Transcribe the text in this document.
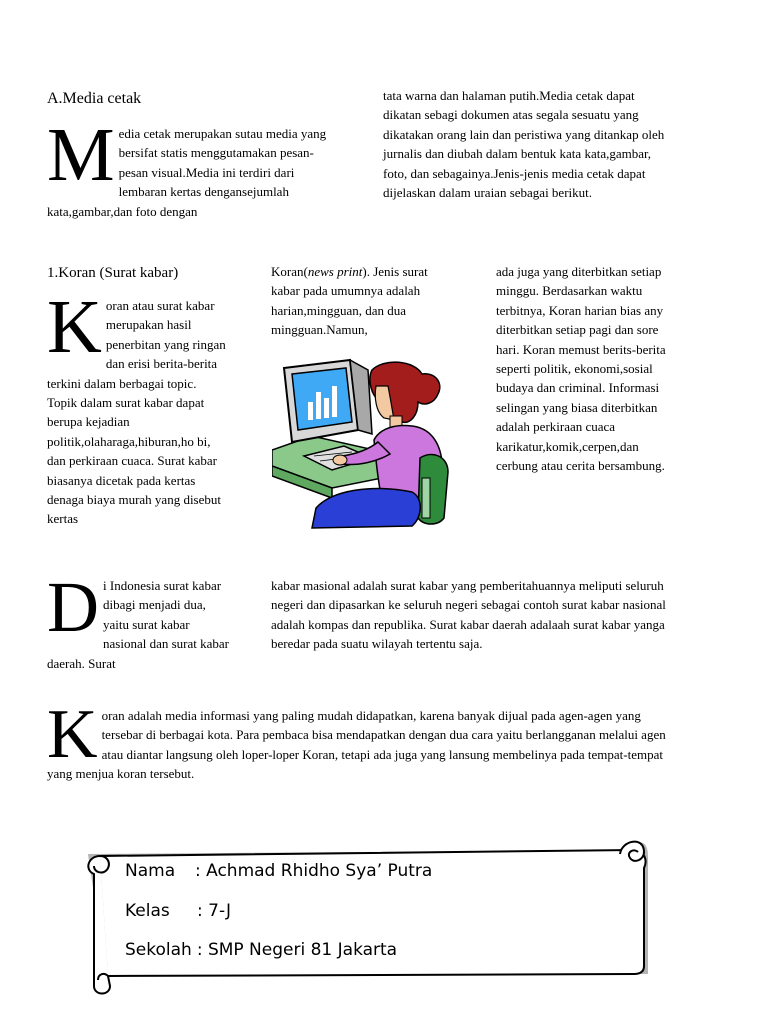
A.Media cetak
M edia cetak merupakan sutau media yang bersifat statis menggutamakan pesan-pesan visual.Media ini terdiri dari lembaran kertas dengansejumlah kata,gambar,dan foto dengan

tata warna dan halaman putih.Media cetak dapat dikatan sebagi dokumen atas segala sesuatu yang dikatakan orang lain dan peristiwa yang ditankap oleh jurnalis dan diubah dalam bentuk kata kata,gambar, foto, dan sebagainya.Jenis-jenis media cetak dapat dijelaskan dalam uraian sebagai berikut.

1.Koran (Surat kabar)
K oran atau surat kabar merupakan hasil penerbitan yang ringan dan erisi berita-berita terkini dalam berbagai topic. Topik dalam surat kabar dapat berupa kejadian politik,olaharaga,hiburan,ho bi, dan perkiraan cuaca. Surat kabar biasanya dicetak pada kertas denaga biaya murah yang disebut kertas

Koran(news print). Jenis surat kabar pada umumnya adalah harian,mingguan, dan dua mingguan.Namun,

ada juga yang diterbitkan setiap minggu. Berdasarkan waktu terbitnya, Koran harian bias any diterbitkan setiap pagi dan sore hari. Koran memust berits-berita seperti politik, ekonomi,sosial budaya dan criminal. Informasi selingan yang biasa diterbitkan adalah perkiraan cuaca karikatur,komik,cerpen,dan cerbung atau cerita bersambung.

D i Indonesia surat kabar dibagi menjadi dua, yaitu surat kabar nasional dan surat kabar daerah. Surat

kabar masional adalah surat kabar yang pemberitahuannya meliputi seluruh negeri dan dipasarkan ke seluruh negeri sebagai contoh surat kabar nasional adalah kompas dan republika. Surat kabar daerah adalaah surat kabar yanga beredar pada suatu wilayah tertentu saja.

K oran adalah media informasi yang paling mudah didapatkan, karena banyak dijual pada agen-agen yang tersebar di berbagai kota. Para pembaca bisa mendapatkan dengan dua cara yaitu berlangganan melalui agen atau diantar langsung oleh loper-loper Koran, tetapi ada juga yang lansung membelinya pada tempat-tempat yang menjua koran tersebut.

Nama : Achmad Rhidho Sya’ Putra
Kelas : 7-J
Sekolah : SMP Negeri 81 Jakarta
